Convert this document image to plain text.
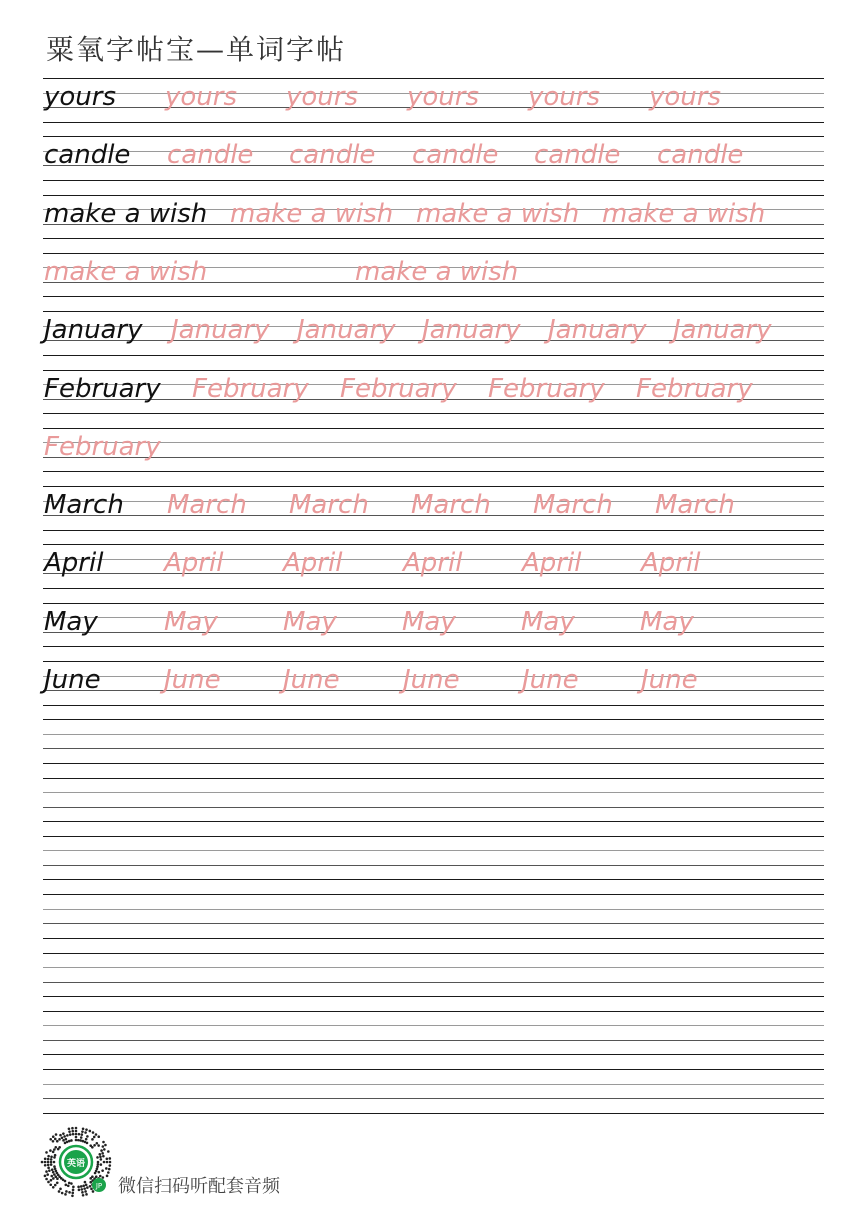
粟氧字帖宝—单词字帖
yours yours yours yours yours yours
candle candle candle candle candle candle
make a wish make a wish make a wish make a wish
make a wish	make a wish
January January January January January January
February February February February February
February
March March March March March March
April April April April April April
May	May	May	May	May	May
June June June June June June
英语
JP 微信扫码听配套音频
